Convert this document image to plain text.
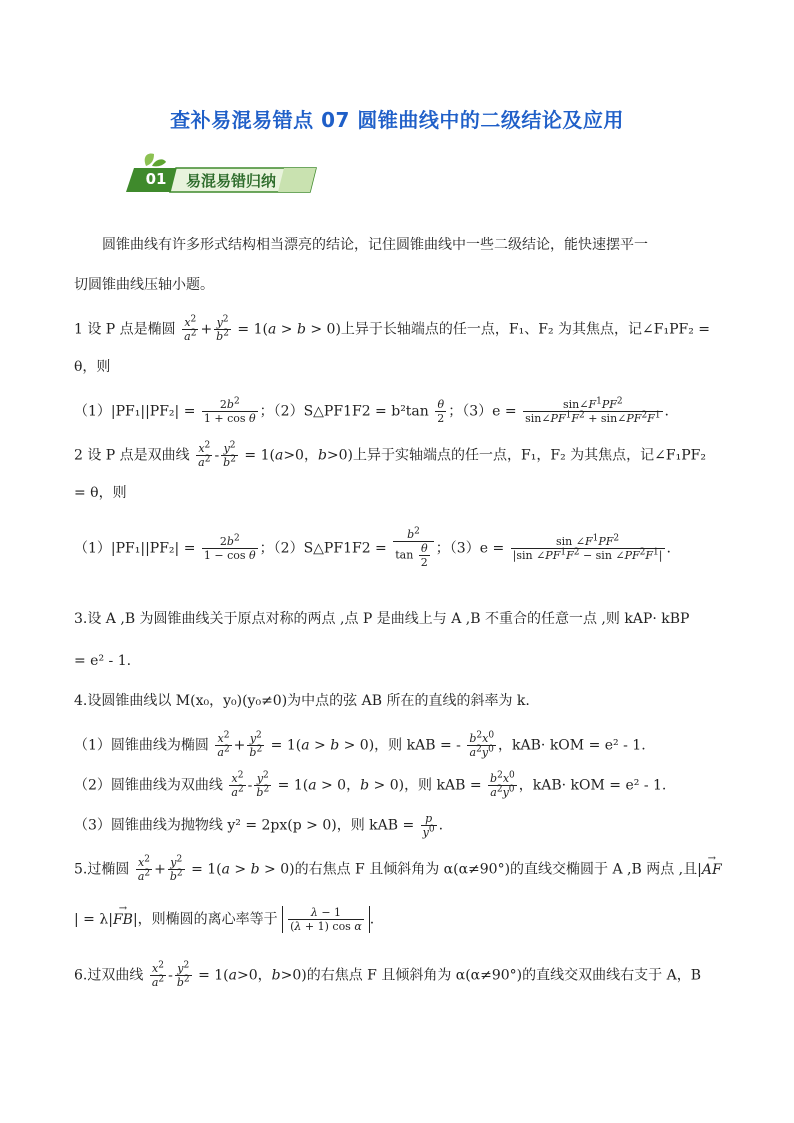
查补易混易错点 07 圆锥曲线中的二级结论及应用
01	易混易错归纳
圆锥曲线有许多形式结构相当漂亮的结论，记住圆锥曲线中一些二级结论，能快速摆平一
切圆锥曲线压轴小题。
1 设 P 点是椭圆 $\frac{x^2}{a^2} + \frac{y^2}{b^2} = 1(a > b > 0)$上异于长轴端点的任一点，F₁、F₂ 为其焦点，记∠F₁PF₂ =
θ，则
$(1)|PF_1||PF_2| = \frac{2b^2}{\text{1 + cos θ}}$ ；（2）S△PF1F2 = $b^2\tan \frac{\theta}{2}$ ；$(3)e = \frac{\sin\angle F^1PF^2}{\sin\angle PF^1F^2 + \sin\angle PF^2F^1}$ .
2 设 P 点是双曲线 $\frac{x^2}{a^2} - \frac{y^2}{b^2} = 1(a>0$，b>0)上异于实轴端点的任一点，F₁，F₂ 为其焦点，记∠F₁PF₂
= θ，则
$(1)|PF_1||PF_2| = \frac{2b^2}{\text{1 − cos θ}}$ ；（2）S△PF1F2 = $\frac{b^2}{\tan \frac{\theta}{2}}$ ；$(3)e = \frac{\sin \angle F^1PF^2}{|\sin \angle PF^1F^2 - \sin \angle PF^2F^1|}$ .
3.设 A ,B 为圆锥曲线关于原点对称的两点 ,点 P 是曲线上与 A ,B 不重合的任意一点 ,则 kAP· kBP
= e² - 1.
4.设圆锥曲线以 M(x₀，y₀)(y₀≠0)为中点的弦 AB 所在的直线的斜率为 k.
（1）圆锥曲线为椭圆 $\frac{x^2}{a^2} + \frac{y^2}{b^2} = 1(a > b > 0)$，则 kAB = - $\frac{b^2x^0}{a^2y^0}$ ，kAB· kOM = e² - 1.
（2）圆锥曲线为双曲线 $\frac{x^2}{a^2} - \frac{y^2}{b^2} = 1(a > 0$，b > 0)，则 kAB = $\frac{b^2x^0}{a^2y^0}$ ，kAB· kOM = e² - 1.
（3）圆锥曲线为抛物线 y² = 2px(p > 0)，则 kAB = $\frac{p}{y^0}$ .
5.过椭圆 $\frac{x^2}{a^2} + \frac{y^2}{b^2} = 1(a > b > 0)$的右焦点 F 且倾斜角为 α(α≠90°)的直线交椭圆于 A ,B 两点 ,且|→ AF
| = λ|→ FB|，则椭圆的离心率等于 $\frac{\lambda - 1}{\text{(λ + 1) cos α}}$ .
6.过双曲线 $\frac{x^2}{a^2} - \frac{y^2}{b^2} = 1(a>0$，b>0)的右焦点 F 且倾斜角为 α(α≠90°)的直线交双曲线右支于 A，B
